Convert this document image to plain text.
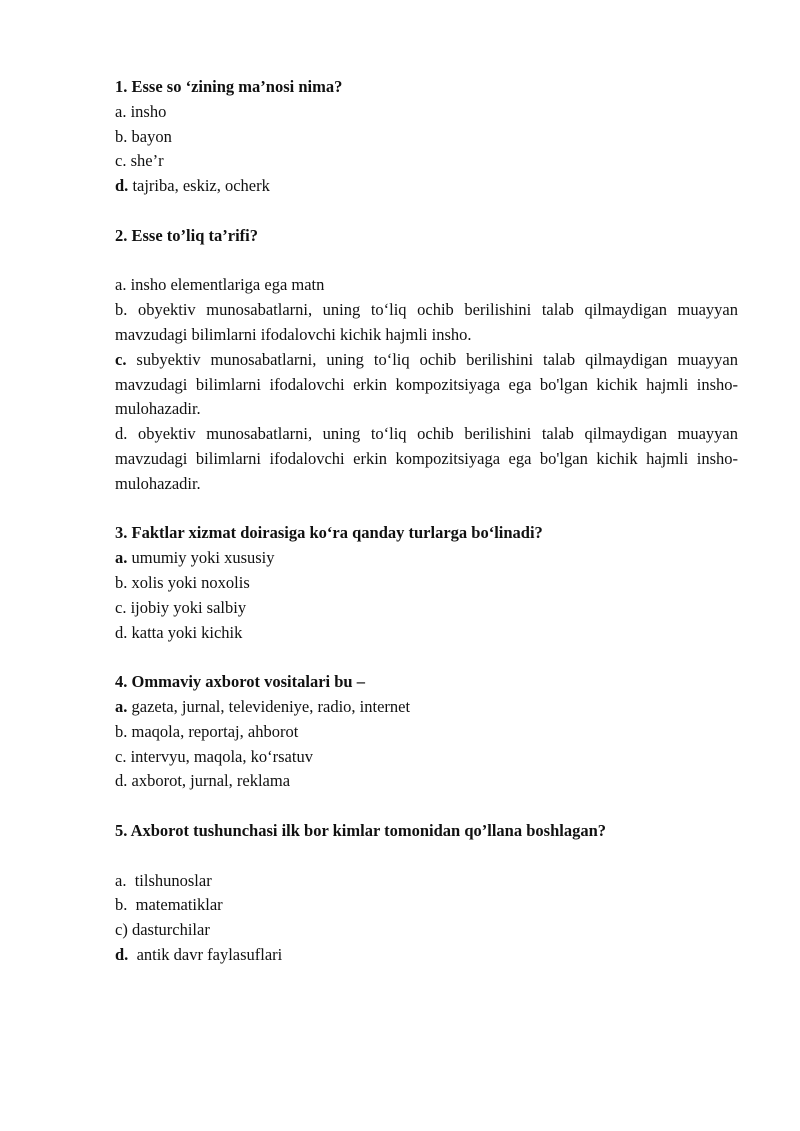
1. Esse so ‘zining ma’nosi nima?

a. insho

b. bayon

c. she’r

d. tajriba, eskiz, ocherk

2. Esse to’liq ta’rifi?

a. insho elementlariga ega matn

b. obyektiv munosabatlarni, uning to‘liq ochib berilishini talab qilmaydigan muayyan mavzudagi bilimlarni ifodalovchi kichik hajmli insho.

c. subyektiv munosabatlarni, uning to‘liq ochib berilishini talab qilmaydigan muayyan mavzudagi bilimlarni ifodalovchi erkin kompozitsiyaga ega bo'lgan kichik hajmli insho-mulohazadir.

d. obyektiv munosabatlarni, uning to‘liq ochib berilishini talab qilmaydigan muayyan mavzudagi bilimlarni ifodalovchi erkin kompozitsiyaga ega bo'lgan kichik hajmli insho-mulohazadir.

3. Faktlar xizmat doirasiga ko‘ra qanday turlarga bo‘linadi?

a. umumiy yoki xususiy

b. xolis yoki noxolis

c. ijobiy yoki salbiy

d. katta yoki kichik

4. Ommaviy axborot vositalari bu –

a. gazeta, jurnal, televideniye, radio, internet

b. maqola, reportaj, ahborot

c. intervyu, maqola, ko‘rsatuv

d. axborot, jurnal, reklama

5. Axborot tushunchasi ilk bor kimlar tomonidan qo’llana boshlagan?

a.  tilshunoslar

b.  matematiklar

c) dasturchilar

d.  antik davr faylasuflari
